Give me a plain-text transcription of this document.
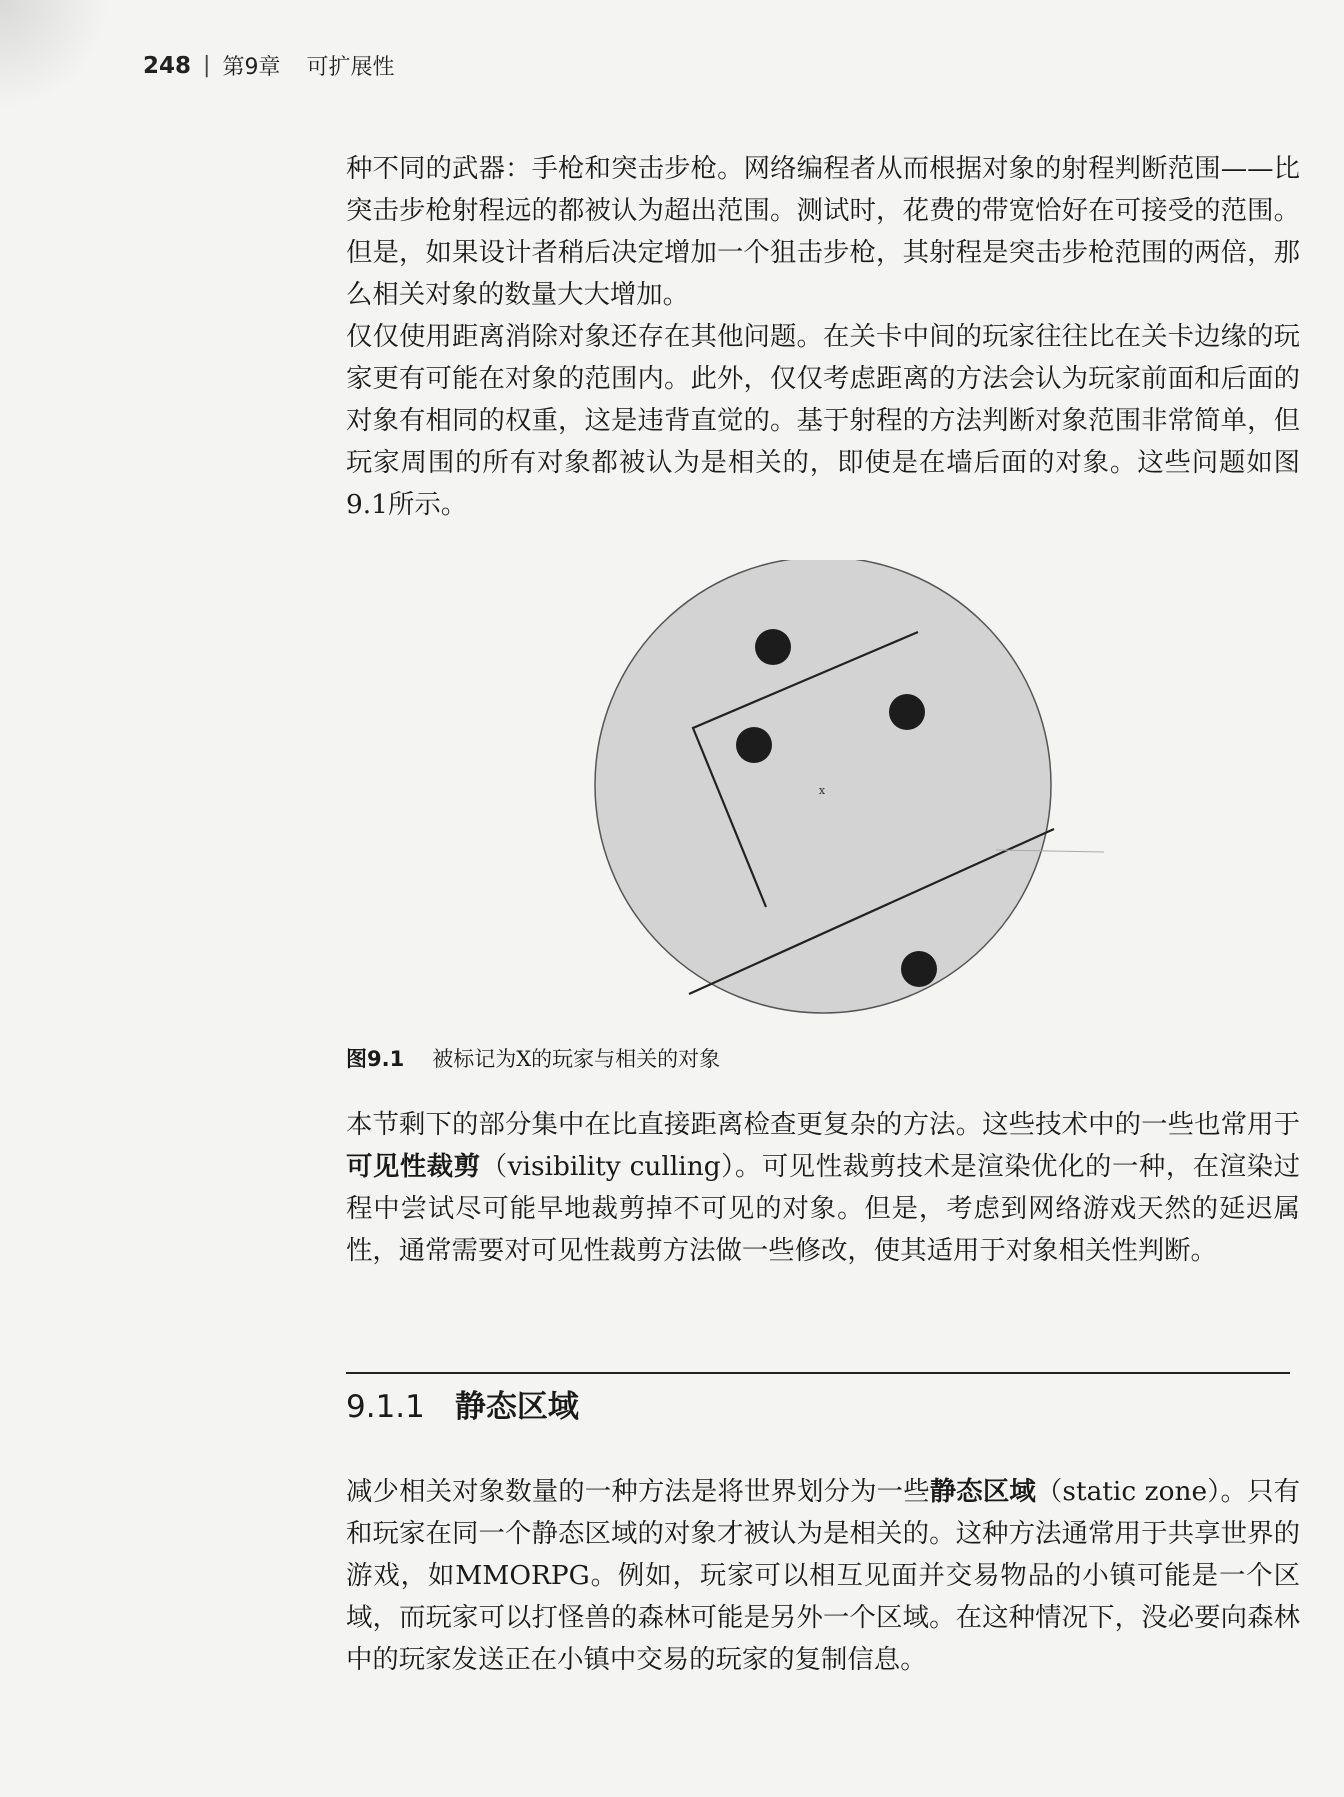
248 | 第9章 可扩展性

种不同的武器：手枪和突击步枪。网络编程者从而根据对象的射程判断范围——比突击步枪射程远的都被认为超出范围。测试时，花费的带宽恰好在可接受的范围。但是，如果设计者稍后决定增加一个狙击步枪，其射程是突击步枪范围的两倍，那么相关对象的数量大大增加。

仅仅使用距离消除对象还存在其他问题。在关卡中间的玩家往往比在关卡边缘的玩家更有可能在对象的范围内。此外，仅仅考虑距离的方法会认为玩家前面和后面的对象有相同的权重，这是违背直觉的。基于射程的方法判断对象范围非常简单，但玩家周围的所有对象都被认为是相关的，即使是在墙后面的对象。这些问题如图9.1所示。

x
图9.1 被标记为X的玩家与相关的对象

本节剩下的部分集中在比直接距离检查更复杂的方法。这些技术中的一些也常用于可见性裁剪（visibility culling）。可见性裁剪技术是渲染优化的一种，在渲染过程中尝试尽可能早地裁剪掉不可见的对象。但是，考虑到网络游戏天然的延迟属性，通常需要对可见性裁剪方法做一些修改，使其适用于对象相关性判断。

9.1.1 静态区域

减少相关对象数量的一种方法是将世界划分为一些静态区域（static zone）。只有和玩家在同一个静态区域的对象才被认为是相关的。这种方法通常用于共享世界的游戏，如MMORPG。例如，玩家可以相互见面并交易物品的小镇可能是一个区域，而玩家可以打怪兽的森林可能是另外一个区域。在这种情况下，没必要向森林中的玩家发送正在小镇中交易的玩家的复制信息。
